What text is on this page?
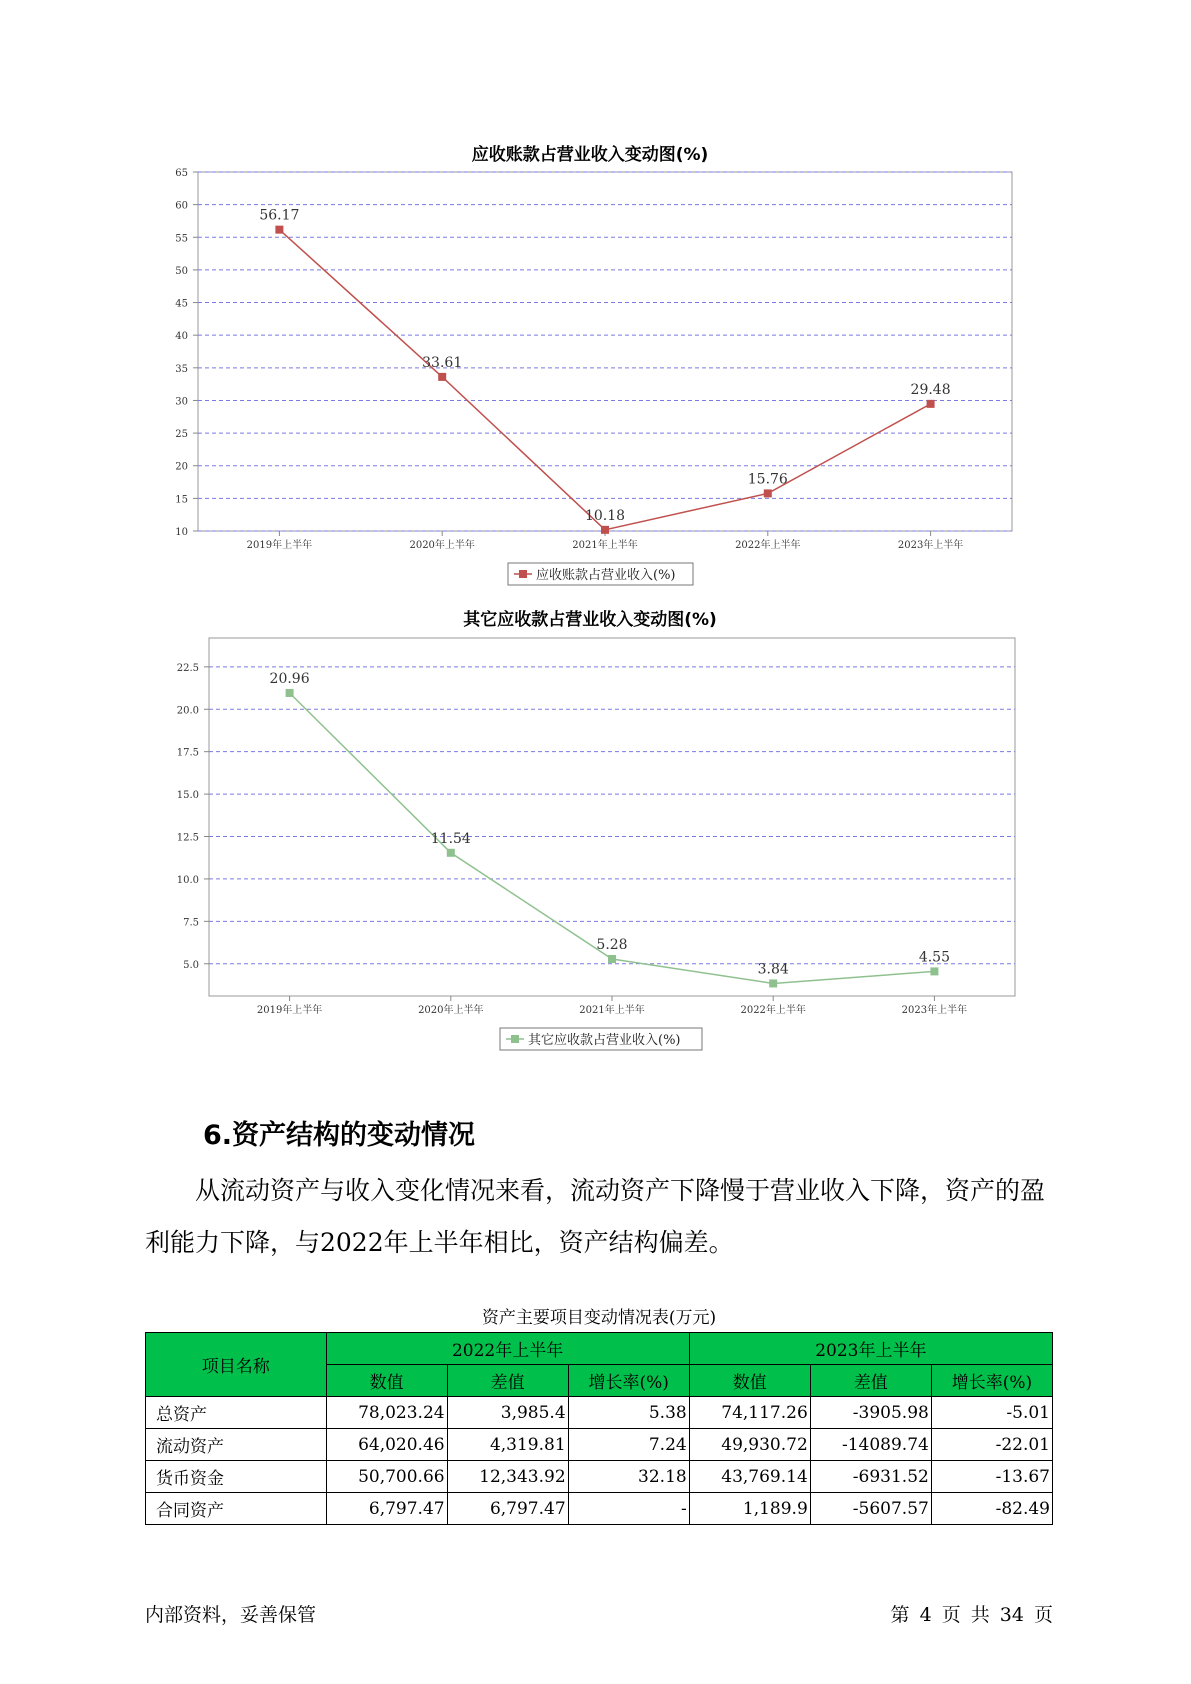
应收账款占营业收入变动图(%)
10
15
20
25
30
35
40
45
50
55
60
65
2019年上半年	2020年上半年	2021年上半年	2022年上半年	2023年上半年
56.17
33.61
10.18
15.76
29.48
应收账款占营业收入(%)
其它应收款占营业收入变动图(%)
5.0
7.5
10.0
12.5
15.0
17.5
20.0
22.5
2019年上半年	2020年上半年	2021年上半年	2022年上半年	2023年上半年
20.96
11.54
5.28
3.84
4.55
其它应收款占营业收入(%)
6.资产结构的变动情况
从流动资产与收入变化情况来看，流动资产下降慢于营业收入下降，资产的盈利能力下降，与2022年上半年相比，资产结构偏差。
资产主要项目变动情况表(万元)
项目名称	2022年上半年			2023年上半年		
	数值	差值	增长率(%)	数值	差值	增长率(%)
总资产	78,023.24	3,985.4	5.38	74,117.26	-3905.98	-5.01
流动资产	64,020.46	4,319.81	7.24	49,930.72	-14089.74	-22.01
货币资金	50,700.66	12,343.92	32.18	43,769.14	-6931.52	-13.67
合同资产	6,797.47	6,797.47	-	1,189.9	-5607.57	-82.49
内部资料，妥善保管	第 4 页 共 34 页
